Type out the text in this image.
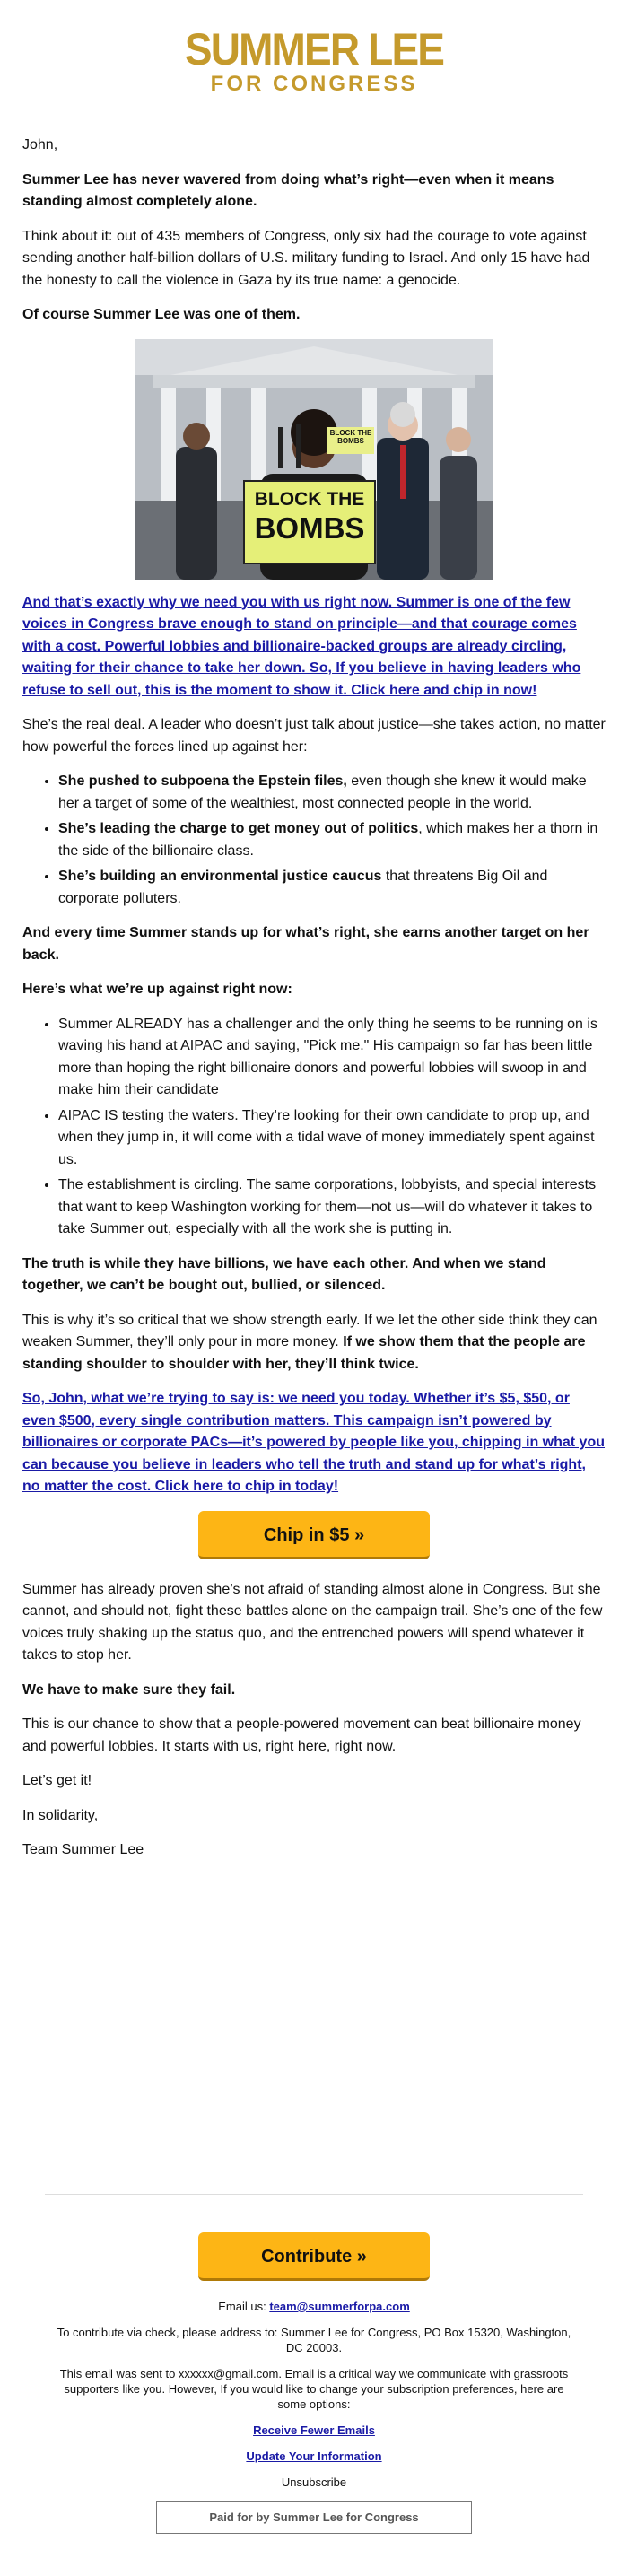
SUMMER LEE
FOR CONGRESS

John,

Summer Lee has never wavered from doing what’s right—even when it means standing almost completely alone.

Think about it: out of 435 members of Congress, only six had the courage to vote against sending another half-billion dollars of U.S. military funding to Israel. And only 15 have had the honesty to call the violence in Gaza by its true name: a genocide.

Of course Summer Lee was one of them.

BLOCK THE BOMBS
BLOCK THE
BOMBS

And that’s exactly why we need you with us right now. Summer is one of the few voices in Congress brave enough to stand on principle—and that courage comes with a cost. Powerful lobbies and billionaire-backed groups are already circling, waiting for their chance to take her down. So, If you believe in having leaders who refuse to sell out, this is the moment to show it. Click here and chip in now!

She’s the real deal. A leader who doesn’t just talk about justice—she takes action, no matter how powerful the forces lined up against her:

• She pushed to subpoena the Epstein files, even though she knew it would make her a target of some of the wealthiest, most connected people in the world.
• She’s leading the charge to get money out of politics, which makes her a thorn in the side of the billionaire class.
• She’s building an environmental justice caucus that threatens Big Oil and corporate polluters.

And every time Summer stands up for what’s right, she earns another target on her back.

Here’s what we’re up against right now:

• Summer ALREADY has a challenger and the only thing he seems to be running on is waving his hand at AIPAC and saying, "Pick me." His campaign so far has been little more than hoping the right billionaire donors and powerful lobbies will swoop in and make him their candidate
• AIPAC IS testing the waters. They’re looking for their own candidate to prop up, and when they jump in, it will come with a tidal wave of money immediately spent against us.
• The establishment is circling. The same corporations, lobbyists, and special interests that want to keep Washington working for them—not us—will do whatever it takes to take Summer out, especially with all the work she is putting in.

The truth is while they have billions, we have each other. And when we stand together, we can’t be bought out, bullied, or silenced.

This is why it’s so critical that we show strength early. If we let the other side think they can weaken Summer, they’ll only pour in more money. If we show them that the people are standing shoulder to shoulder with her, they’ll think twice.

So, John, what we’re trying to say is: we need you today. Whether it’s $5, $50, or even $500, every single contribution matters. This campaign isn’t powered by billionaires or corporate PACs—it’s powered by people like you, chipping in what you can because you believe in leaders who tell the truth and stand up for what’s right, no matter the cost. Click here to chip in today!

Chip in $5 »

Summer has already proven she’s not afraid of standing almost alone in Congress. But she cannot, and should not, fight these battles alone on the campaign trail. She’s one of the few voices truly shaking up the status quo, and the entrenched powers will spend whatever it takes to stop her.

We have to make sure they fail.

This is our chance to show that a people-powered movement can beat billionaire money and powerful lobbies. It starts with us, right here, right now.

Let’s get it!

In solidarity,

Team Summer Lee

Contribute »

Email us: team@summerforpa.com

To contribute via check, please address to: Summer Lee for Congress, PO Box 15320, Washington, DC 20003.

This email was sent to xxxxxx@gmail.com. Email is a critical way we communicate with grassroots supporters like you. However, If you would like to change your subscription preferences, here are some options:

Receive Fewer Emails

Update Your Information

Unsubscribe

Paid for by Summer Lee for Congress
